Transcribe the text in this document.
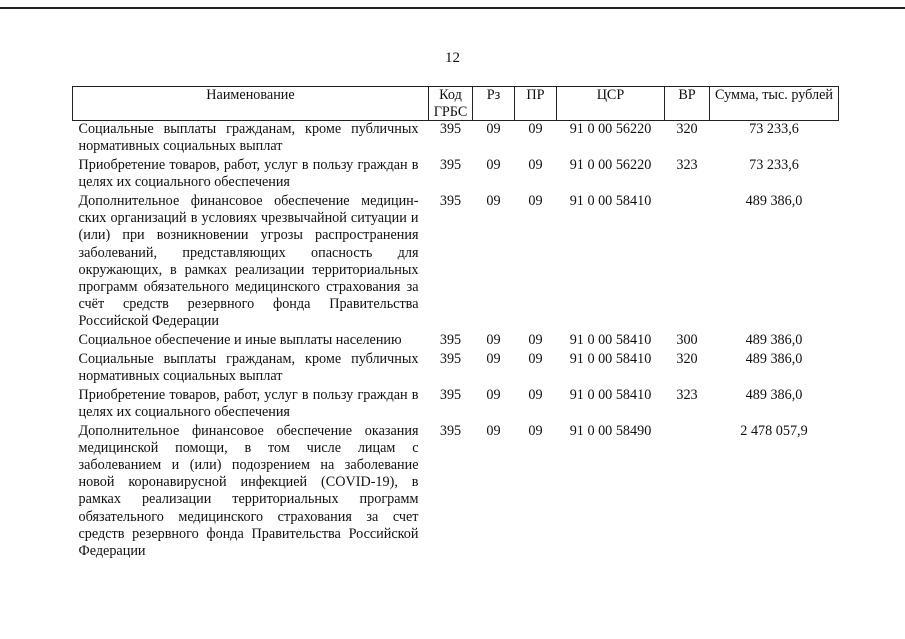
12
Наименование	Код ГРБС	Рз	ПР	ЦСР	ВР	Сумма, тыс. рублей
Социальные выплаты гражданам, кроме публичных нормативных социальных выплат	395	09	09	91 0 00 56220	320	73 233,6
Приобретение товаров, работ, услуг в пользу граждан в целях их социального обеспечения	395	09	09	91 0 00 56220	323	73 233,6
Дополнительное финансовое обеспечение медицин-ских организаций в условиях чрезвычайной ситуации и (или) при возникновении угрозы распространения заболеваний, представляющих опасность для окружающих, в рамках реализации территориальных программ обязательного медицинского страхования за счёт средств резервного фонда Правительства Российской Федерации	395	09	09	91 0 00 58410		489 386,0
Социальное обеспечение и иные выплаты населению	395	09	09	91 0 00 58410	300	489 386,0
Социальные выплаты гражданам, кроме публичных нормативных социальных выплат	395	09	09	91 0 00 58410	320	489 386,0
Приобретение товаров, работ, услуг в пользу граждан в целях их социального обеспечения	395	09	09	91 0 00 58410	323	489 386,0
Дополнительное финансовое обеспечение оказания медицинской помощи, в том числе лицам с заболеванием и (или) подозрением на заболевание новой коронавирусной инфекцией (COVID-19), в рамках реализации территориальных программ обязательного медицинского страхования за счет средств резервного фонда Правительства Российской Федерации	395	09	09	91 0 00 58490		2 478 057,9
